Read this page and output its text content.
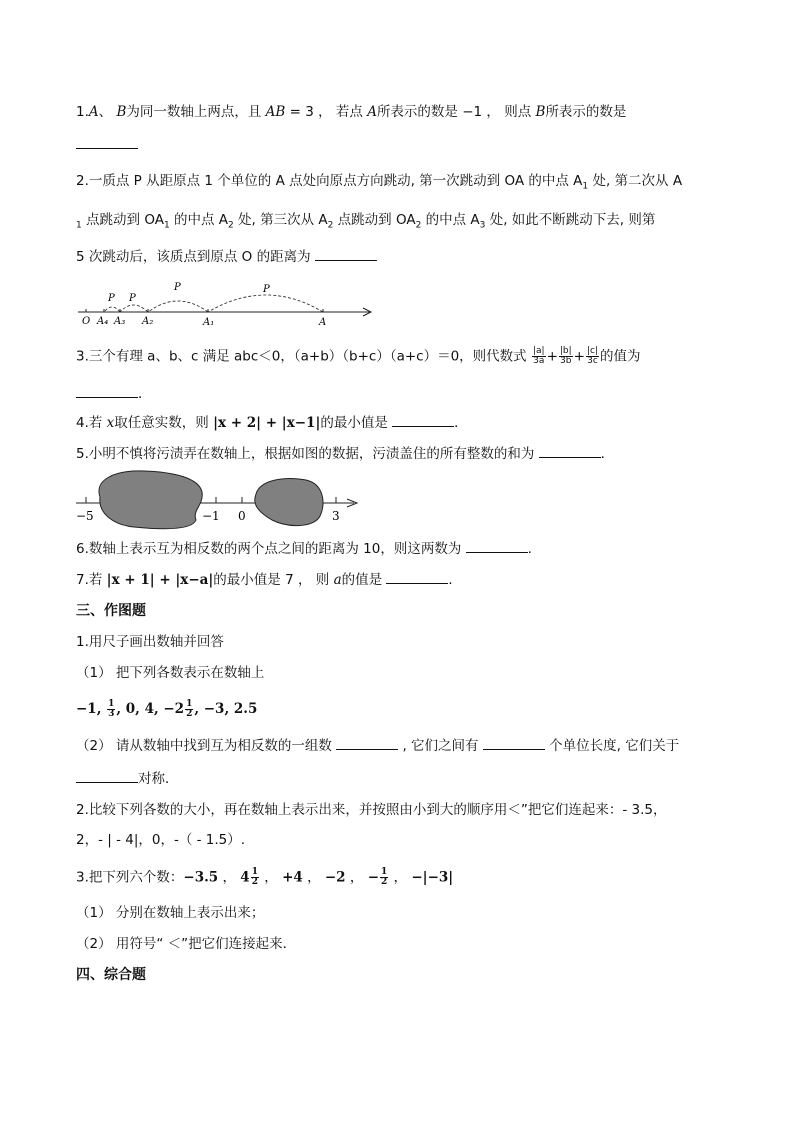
1.A、 B为同一数轴上两点，且 AB = 3 ， 若点 A所表示的数是 −1 ， 则点 B所表示的数是
2.一质点 P 从距原点 1 个单位的 A 点处向原点方向跳动, 第一次跳动到 OA 的中点 $A_1$ 处, 第二次从 A
$_1$ 点跳动到 $OA_1$ 的中点 $A_2$ 处, 第三次从 $A_2$ 点跳动到 $OA_2$ 的中点 $A_3$ 处, 如此不断跳动下去, 则第
5 次跳动后，该质点到原点 O 的距离为
O A₄ A₃ A₂	A₁	A
P
P
P
P
3.三个有理 a、b、c 满足 abc＜0，（a+b）（b+c）（a+c）＝0，则代数式 $\frac{|a|}{3a} + \frac{|b|}{3b} + \frac{|c|}{3c}$ 的值为
．
4.若 x取任意实数，则 |x + 2| + |x−1|的最小值是	．
5.小明不慎将污渍弄在数轴上，根据如图的数据，污渍盖住的所有整数的和为	．
−5	−1 0	3
6.数轴上表示互为相反数的两个点之间的距离为 10，则这两数为	.
7.若 |x + 1| + |x−a|的最小值是 7 ， 则 a的值是	．
三、作图题
1.用尺子画出数轴并回答
（1） 把下列各数表示在数轴上
−1, $\frac{1}{3}$ , 0, 4, $-2 \frac{1}{2}$ , −3, 2.5
（2） 请从数轴中找到互为相反数的一组数	, 它们之间有	个单位长度, 它们关于
对称．
2.比较下列各数的大小，再在数轴上表示出来，并按照由小到大的顺序用＜”把它们连起来：- 3.5，
2，- | - 4|，0，-（ - 1.5）.
3.把下列六个数：−3.5 ， $4 \frac{1}{2}$ ， +4 ， −2 ， − $\frac{1}{2}$ ， −|−3|
（1） 分别在数轴上表示出来；
（2） 用符号“ ＜”把它们连接起来．
四、综合题
